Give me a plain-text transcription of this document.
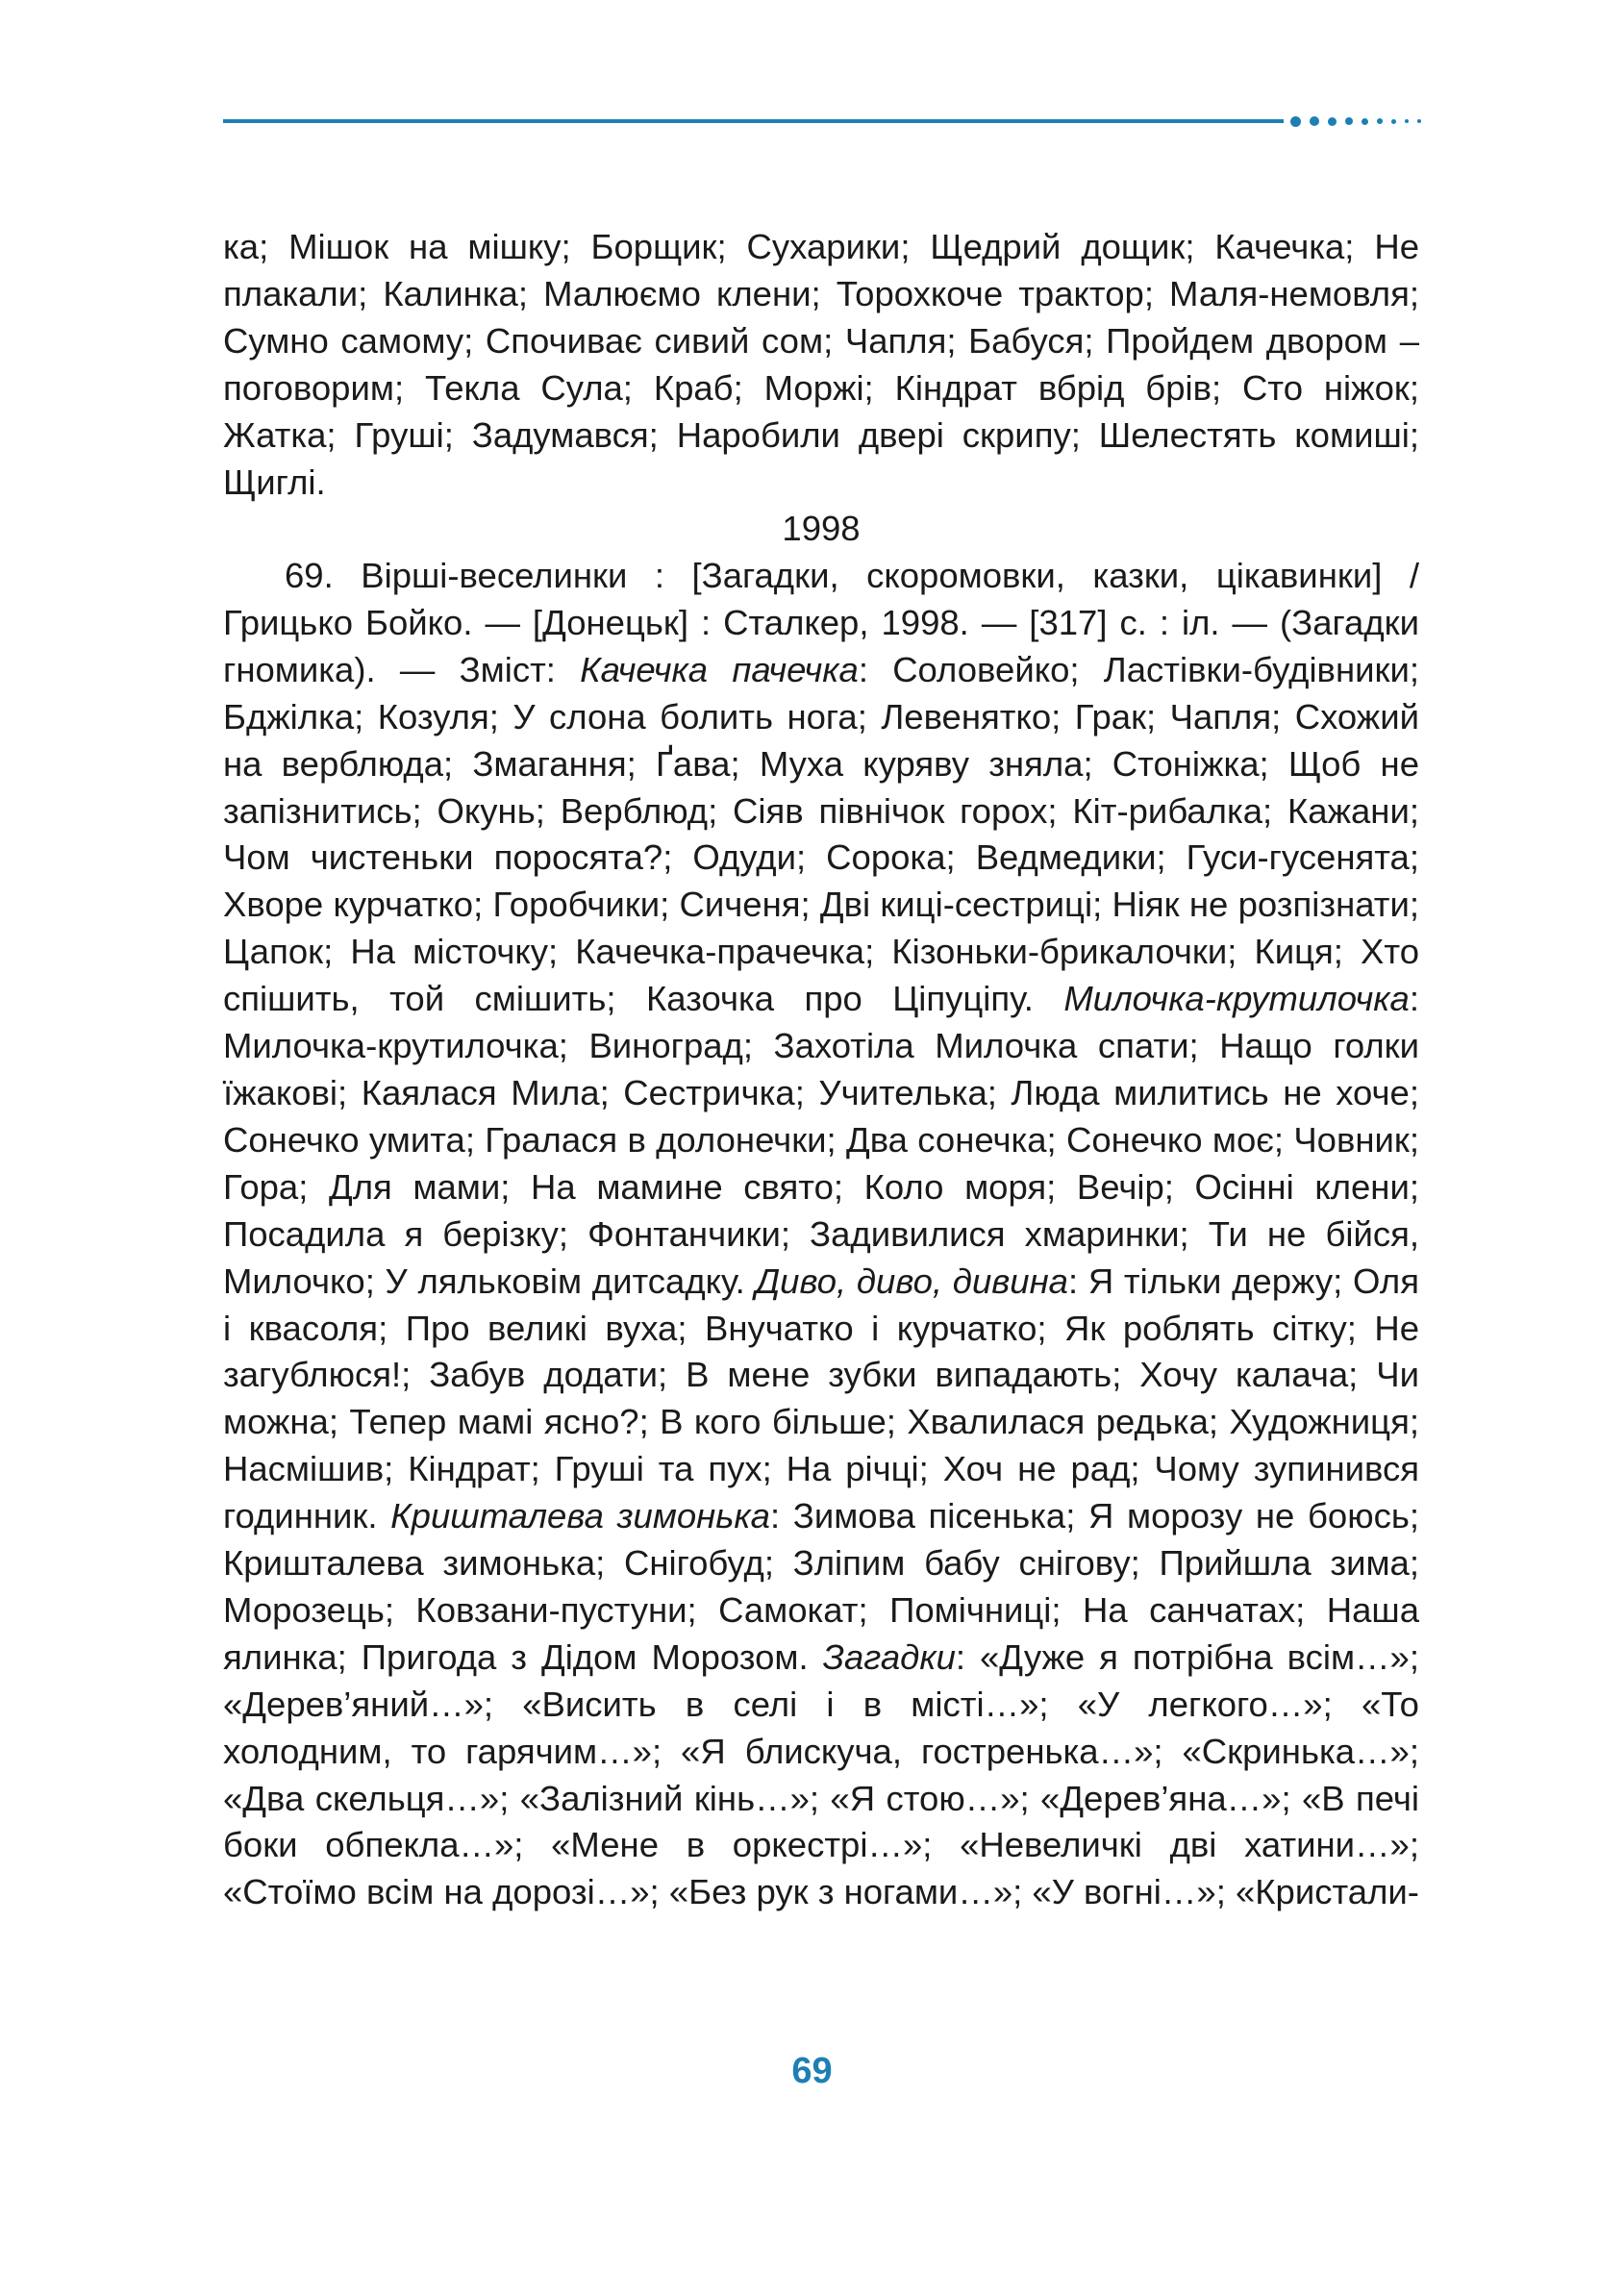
ка; Мішок на мішку; Борщик; Сухарики; Щедрий дощик; Качечка; Не плакали; Калинка; Малюємо клени; Торохкоче трактор; Маля-немовля; Сумно самому; Спочиває сивий сом; Чапля; Бабуся; Пройдем двором – поговорим; Текла Сула; Краб; Моржі; Кіндрат вбрід брів; Сто ніжок; Жатка; Груші; Задумався; Наробили двері скрипу; Шелестять комиші; Щиглі.

1998

69. Вірші-веселинки : [Загадки, скоромовки, казки, цікавинки] / Грицько Бойко. — [Донецьк] : Сталкер, 1998. — [317] с. : іл. — (Загадки гномика). — Зміст: Качечка пачечка: Соловейко; Ластівки-будівники; Бджілка; Козуля; У слона болить нога; Левенятко; Грак; Чапля; Схожий на верблюда; Змагання; Ґава; Муха куряву зняла; Стоніжка; Щоб не запізнитись; Окунь; Верблюд; Сіяв північок горох; Кіт-рибалка; Кажани; Чом чистеньки поросята?; Одуди; Сорока; Ведмедики; Гуси-гусенята; Хворе курчатко; Горобчики; Сиченя; Дві киці-сестриці; Ніяк не розпізнати; Цапок; На місточку; Качечка-прачечка; Кізоньки-брикалочки; Киця; Хто спішить, той смішить; Казочка про Ціпуціпу. Милочка-крутилочка: Милочка-крутилочка; Виноград; Захотіла Милочка спати; Нащо голки їжакові; Каялася Мила; Сестричка; Учителька; Люда милитись не хоче; Сонечко умита; Гралася в долонечки; Два сонечка; Сонечко моє; Човник; Гора; Для мами; На мамине свято; Коло моря; Вечір; Осінні клени; Посадила я берізку; Фонтанчики; Задивилися хмаринки; Ти не бійся, Милочко; У ляльковім дитсадку. Диво, диво, дивина: Я тільки держу; Оля і квасоля; Про великі вуха; Внучатко і курчатко; Як роблять сітку; Не загублюся!; Забув додати; В мене зубки випадають; Хочу калача; Чи можна; Тепер мамі ясно?; В кого більше; Хвалилася редька; Художниця; Насмішив; Кіндрат; Груші та пух; На річці; Хоч не рад; Чому зупинився годинник. Кришталева зимонька: Зимова пісенька; Я морозу не боюсь; Кришталева зимонька; Снігобуд; Зліпим бабу снігову; Прийшла зима; Морозець; Ковзани-пустуни; Самокат; Помічниці; На санчатах; Наша ялинка; Пригода з Дідом Морозом. Загадки: «Дуже я потрібна всім…»; «Дерев’яний…»; «Висить в селі і в місті…»; «У легкого…»; «То холодним, то гарячим…»; «Я блискуча, гостренька…»; «Скринька…»; «Два скельця…»; «Залізний кінь…»; «Я стою…»; «Дерев’яна…»; «В печі боки обпекла…»; «Мене в оркестрі…»; «Невеличкі дві хатини…»; «Стоїмо всім на дорозі…»; «Без рук з ногами…»; «У вогні…»; «Кристали-

69
